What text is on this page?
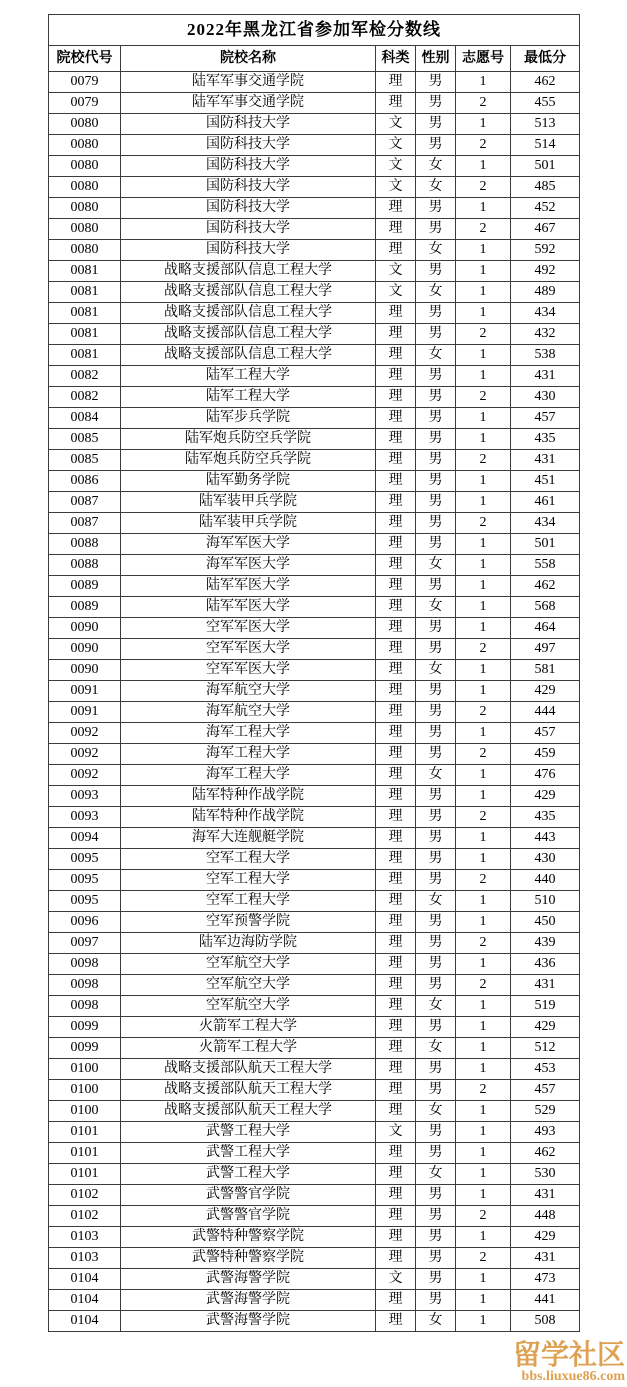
2022年黑龙江省参加军检分数线					
院校代号	院校名称	科类	性别	志愿号	最低分
0079	陆军军事交通学院	理	男	1	462
0079	陆军军事交通学院	理	男	2	455
0080	国防科技大学	文	男	1	513
0080	国防科技大学	文	男	2	514
0080	国防科技大学	文	女	1	501
0080	国防科技大学	文	女	2	485
0080	国防科技大学	理	男	1	452
0080	国防科技大学	理	男	2	467
0080	国防科技大学	理	女	1	592
0081	战略支援部队信息工程大学	文	男	1	492
0081	战略支援部队信息工程大学	文	女	1	489
0081	战略支援部队信息工程大学	理	男	1	434
0081	战略支援部队信息工程大学	理	男	2	432
0081	战略支援部队信息工程大学	理	女	1	538
0082	陆军工程大学	理	男	1	431
0082	陆军工程大学	理	男	2	430
0084	陆军步兵学院	理	男	1	457
0085	陆军炮兵防空兵学院	理	男	1	435
0085	陆军炮兵防空兵学院	理	男	2	431
0086	陆军勤务学院	理	男	1	451
0087	陆军装甲兵学院	理	男	1	461
0087	陆军装甲兵学院	理	男	2	434
0088	海军军医大学	理	男	1	501
0088	海军军医大学	理	女	1	558
0089	陆军军医大学	理	男	1	462
0089	陆军军医大学	理	女	1	568
0090	空军军医大学	理	男	1	464
0090	空军军医大学	理	男	2	497
0090	空军军医大学	理	女	1	581
0091	海军航空大学	理	男	1	429
0091	海军航空大学	理	男	2	444
0092	海军工程大学	理	男	1	457
0092	海军工程大学	理	男	2	459
0092	海军工程大学	理	女	1	476
0093	陆军特种作战学院	理	男	1	429
0093	陆军特种作战学院	理	男	2	435
0094	海军大连舰艇学院	理	男	1	443
0095	空军工程大学	理	男	1	430
0095	空军工程大学	理	男	2	440
0095	空军工程大学	理	女	1	510
0096	空军预警学院	理	男	1	450
0097	陆军边海防学院	理	男	2	439
0098	空军航空大学	理	男	1	436
0098	空军航空大学	理	男	2	431
0098	空军航空大学	理	女	1	519
0099	火箭军工程大学	理	男	1	429
0099	火箭军工程大学	理	女	1	512
0100	战略支援部队航天工程大学	理	男	1	453
0100	战略支援部队航天工程大学	理	男	2	457
0100	战略支援部队航天工程大学	理	女	1	529
0101	武警工程大学	文	男	1	493
0101	武警工程大学	理	男	1	462
0101	武警工程大学	理	女	1	530
0102	武警警官学院	理	男	1	431
0102	武警警官学院	理	男	2	448
0103	武警特种警察学院	理	男	1	429
0103	武警特种警察学院	理	男	2	431
0104	武警海警学院	文	男	1	473
0104	武警海警学院	理	男	1	441
0104	武警海警学院	理	女	1	508
留学社区
bbs.liuxue86.com
